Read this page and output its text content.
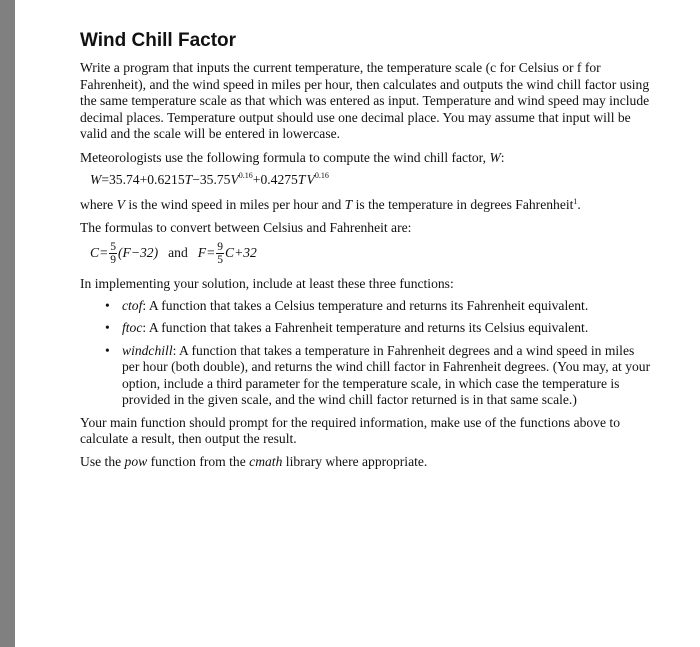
Wind Chill Factor

Write a program that inputs the current temperature, the temperature scale (c for Celsius or f for Fahrenheit), and the wind speed in miles per hour, then calculates and outputs the wind chill factor using the same temperature scale as that which was entered as input. Temperature and wind speed may include decimal places. Temperature output should use one decimal place. You may assume that input will be valid and the scale will be entered in lowercase.

Meteorologists use the following formula to compute the wind chill factor, W:

$W=35.74+0.6215T-35.75V^{0.16}+0.4275T$ $V^{0.16}$

where V is the wind speed in miles per hour and T is the temperature in degrees Fahrenheit$^1$.

The formulas to convert between Celsius and Fahrenheit are:

$C= \frac{5}{9} (F-32)$ and $F= \frac{9}{5} C+32$

In implementing your solution, include at least these three functions:

• ctof: A function that takes a Celsius temperature and returns its Fahrenheit equivalent.
• ftoc: A function that takes a Fahrenheit temperature and returns its Celsius equivalent.
• windchill: A function that takes a temperature in Fahrenheit degrees and a wind speed in miles per hour (both double), and returns the wind chill factor in Fahrenheit degrees. (You may, at your option, include a third parameter for the temperature scale, in which case the temperature is provided in the given scale, and the wind chill factor returned is in that same scale.)

Your main function should prompt for the required information, make use of the functions above to calculate a result, then output the result.

Use the pow function from the cmath library where appropriate.
